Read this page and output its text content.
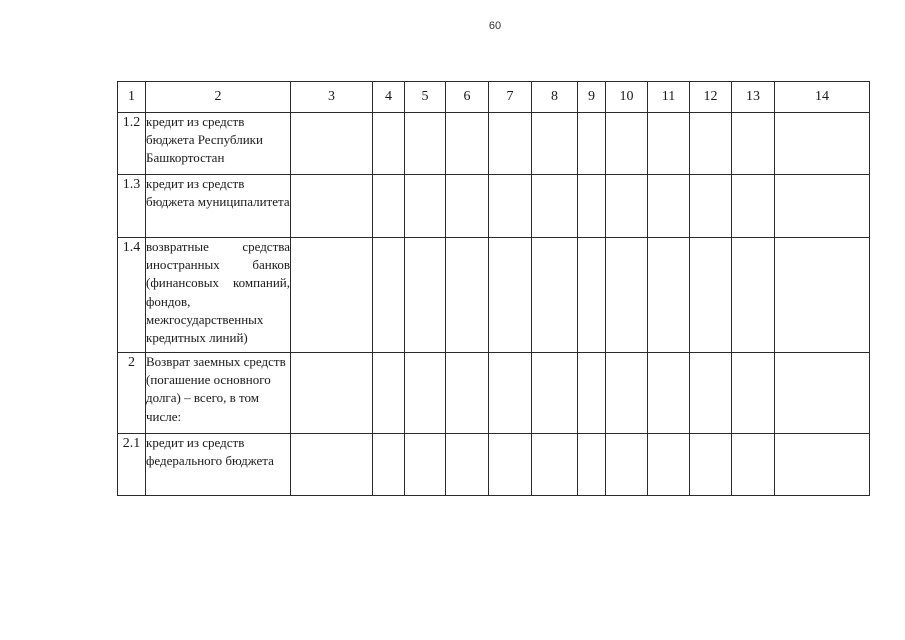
60
1	2	3	4	5	6	7	8	9	10	11	12	13	14
1.2	кредит из средств бюджета Республики Башкортостан												
1.3	кредит из средств бюджета муниципалитета												
1.4	возвратные средства иностранных банков (финансовых компаний, фондов, межгосударственных кредитных линий)												
2	Возврат заемных средств (погашение основного долга) – всего, в том числе:												
2.1	кредит из средств федерального бюджета												
